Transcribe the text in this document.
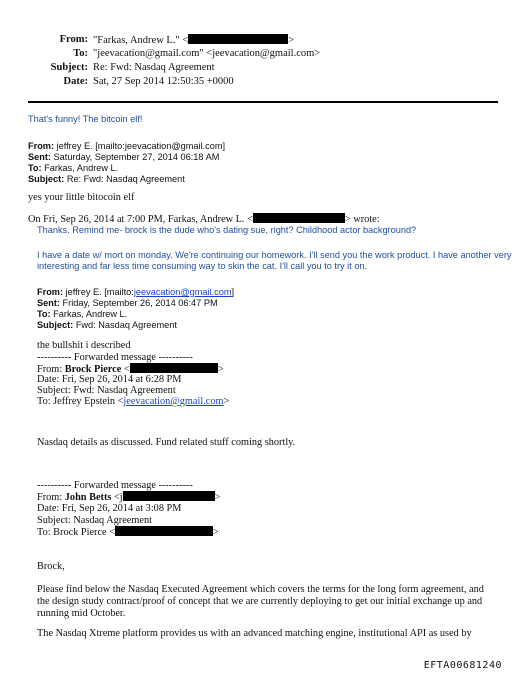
From: "Farkas, Andrew L." <	>
To: "jeevacation@gmail.com" <jeevacation@gmail.com>
Subject: Re: Fwd: Nasdaq Agreement
Date: Sat, 27 Sep 2014 12:50:35 +0000
That's funny! The bitcoin elf!
From: jeffrey E. [mailto:jeevacation@gmail.com]
Sent: Saturday, September 27, 2014 06:18 AM
To: Farkas, Andrew L.
Subject: Re: Fwd: Nasdaq Agreement
yes your little bitocoin elf
On Fri, Sep 26, 2014 at 7:00 PM, Farkas, Andrew L. <	> wrote:
Thanks. Remind me- brock is the dude who's dating sue, right? Childhood actor background?
I have a date w/ mort on monday. We're continuing our homework. I'll send you the work product. I have another very
interesting and far less time consuming way to skin the cat. I'll call you to try it on.
From: jeffrey E. [mailto:jeevacation@gmail.com]
Sent: Friday, September 26, 2014 06:47 PM
To: Farkas, Andrew L.
Subject: Fwd: Nasdaq Agreement
the bullshit i described
---------- Forwarded message ----------
From: Brock Pierce <	>
Date: Fri, Sep 26, 2014 at 6:28 PM
Subject: Fwd: Nasdaq Agreement
To: Jeffrey Epstein <jeevacation@gmail.com>
Nasdaq details as discussed. Fund related stuff coming shortly.
---------- Forwarded message ----------
From: John Betts <j	>
Date: Fri, Sep 26, 2014 at 3:08 PM
Subject: Nasdaq Agreement
To: Brock Pierce <	>
Brock,
Please find below the Nasdaq Executed Agreement which covers the terms for the long form agreement, and
the design study contract/proof of concept that we are currently deploying to get our initial exchange up and
running mid October.
The Nasdaq Xtreme platform provides us with an advanced matching engine, institutional API as used by
EFTA00681240
